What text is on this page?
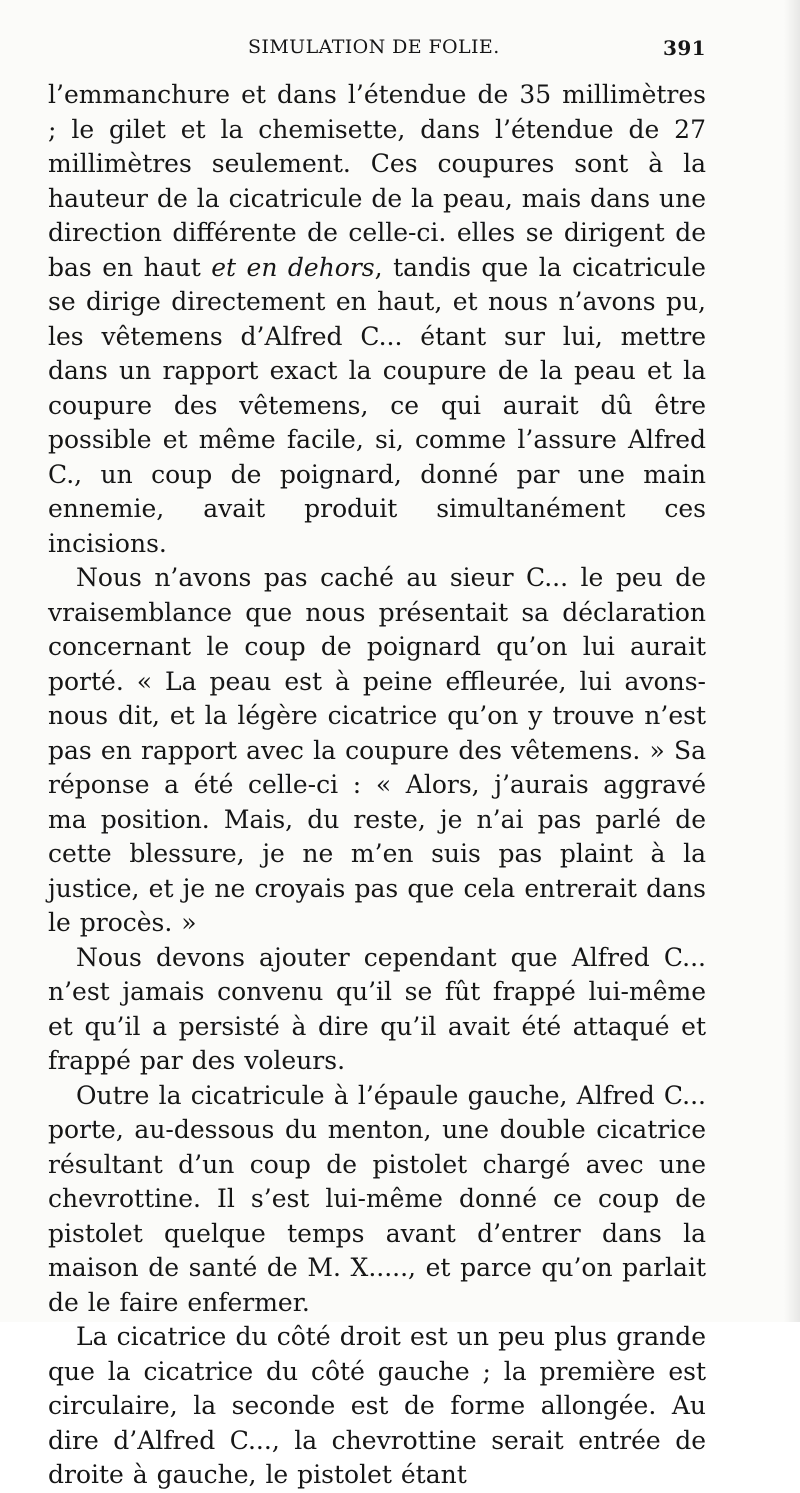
SIMULATION DE FOLIE.	391

l’emmanchure et dans l’étendue de 35 millimètres ; le gilet et la chemisette, dans l’étendue de 27 millimètres seulement. Ces coupures sont à la hauteur de la cicatricule de la peau, mais dans une direction différente de celle-ci. elles se dirigent de bas en haut et en dehors, tandis que la cicatricule se dirige directement en haut, et nous n’avons pu, les vêtemens d’Alfred C... étant sur lui, mettre dans un rapport exact la coupure de la peau et la coupure des vêtemens, ce qui aurait dû être possible et même facile, si, comme l’assure Alfred C., un coup de poignard, donné par une main ennemie, avait produit simultanément ces incisions.

Nous n’avons pas caché au sieur C... le peu de vraisemblance que nous présentait sa déclaration concernant le coup de poignard qu’on lui aurait porté. « La peau est à peine effleurée, lui avons-nous dit, et la légère cicatrice qu’on y trouve n’est pas en rapport avec la coupure des vêtemens. » Sa réponse a été celle-ci : « Alors, j’aurais aggravé ma position. Mais, du reste, je n’ai pas parlé de cette blessure, je ne m’en suis pas plaint à la justice, et je ne croyais pas que cela entrerait dans le procès. »

Nous devons ajouter cependant que Alfred C... n’est jamais convenu qu’il se fût frappé lui-même et qu’il a persisté à dire qu’il avait été attaqué et frappé par des voleurs.

Outre la cicatricule à l’épaule gauche, Alfred C... porte, au-dessous du menton, une double cicatrice résultant d’un coup de pistolet chargé avec une chevrottine. Il s’est lui-même donné ce coup de pistolet quelque temps avant d’entrer dans la maison de santé de M. X....., et parce qu’on parlait de le faire enfermer.

La cicatrice du côté droit est un peu plus grande que la cicatrice du côté gauche ; la première est circulaire, la seconde est de forme allongée. Au dire d’Alfred C..., la chevrottine serait entrée de droite à gauche, le pistolet étant
